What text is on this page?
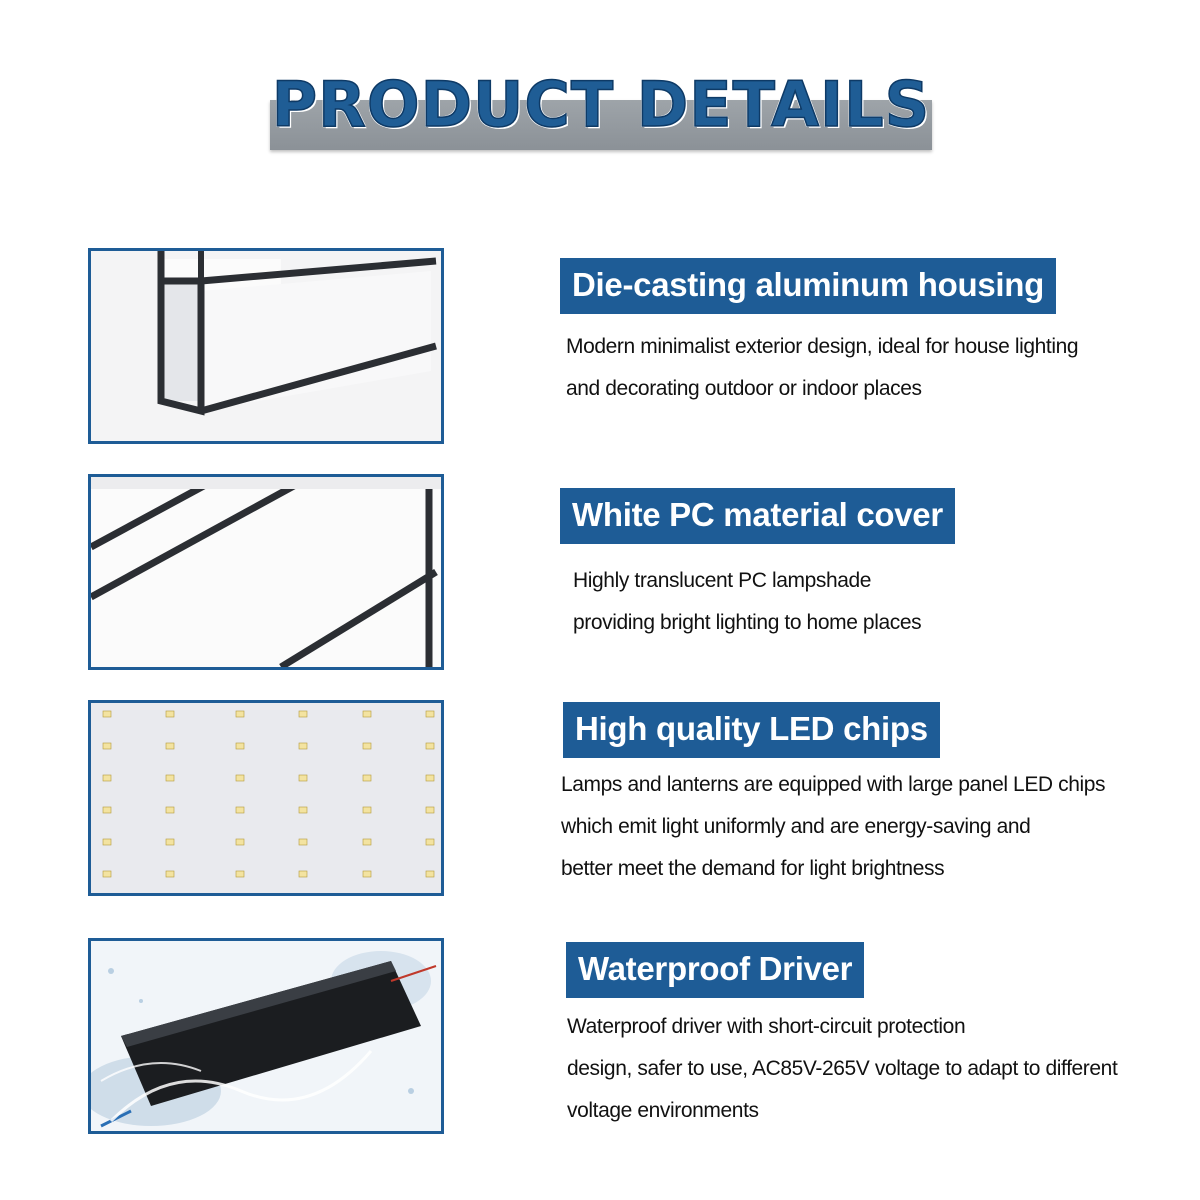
PRODUCT DETAILS
Die-casting aluminum housing
Modern minimalist exterior design, ideal for house lighting
and decorating outdoor or indoor places
White PC material cover
Highly translucent PC lampshade
providing bright lighting to home places
High quality LED chips
Lamps and lanterns are equipped with large panel LED chips
which emit light uniformly and are energy-saving and
better meet the demand for light brightness
Waterproof Driver
Waterproof driver with short-circuit protection
design, safer to use, AC85V-265V voltage to adapt to different
voltage environments
